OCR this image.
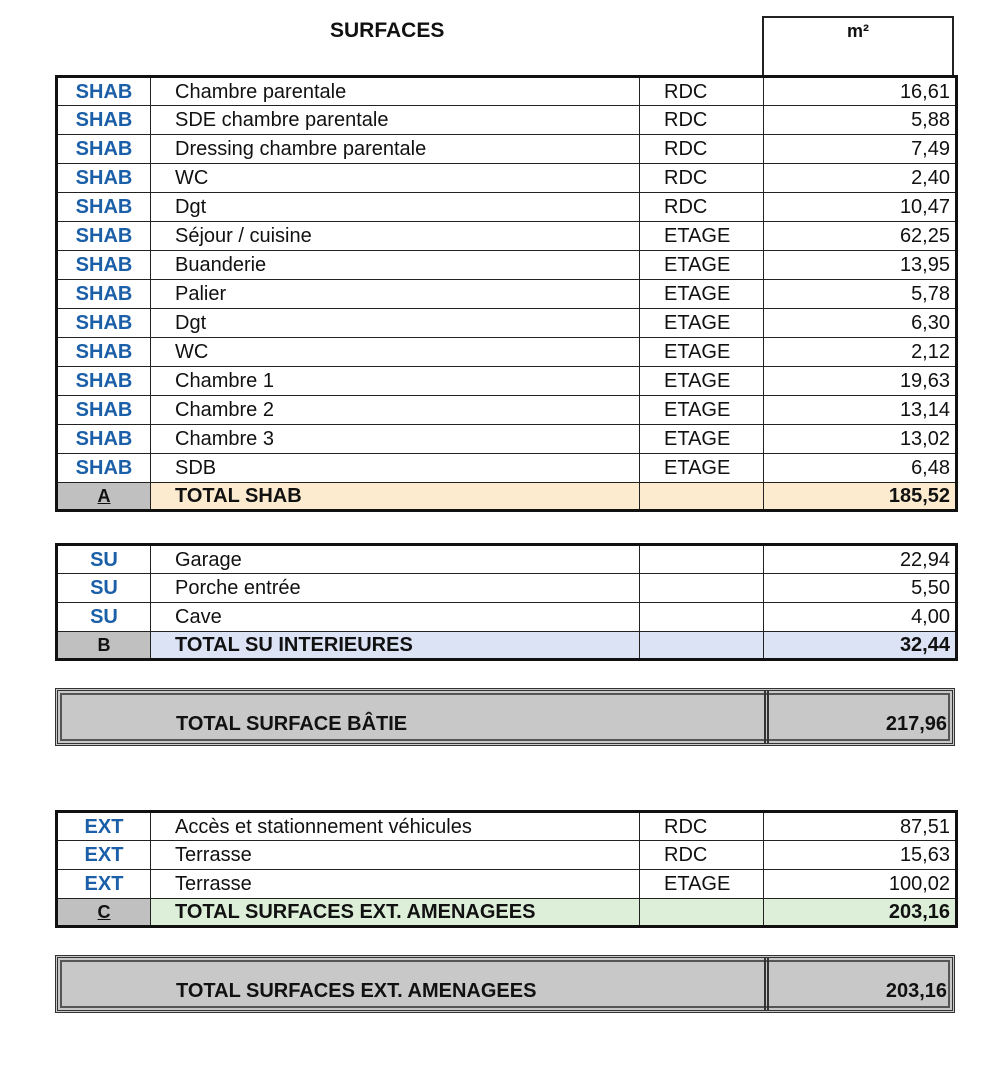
SURFACES	m²
SHAB	Chambre parentale	RDC	16,61
SHAB	SDE chambre parentale	RDC	5,88
SHAB	Dressing chambre parentale	RDC	7,49
SHAB	WC	RDC	2,40
SHAB	Dgt	RDC	10,47
SHAB	Séjour / cuisine	ETAGE	62,25
SHAB	Buanderie	ETAGE	13,95
SHAB	Palier	ETAGE	5,78
SHAB	Dgt	ETAGE	6,30
SHAB	WC	ETAGE	2,12
SHAB	Chambre 1	ETAGE	19,63
SHAB	Chambre 2	ETAGE	13,14
SHAB	Chambre 3	ETAGE	13,02
SHAB	SDB	ETAGE	6,48
A	TOTAL SHAB		185,52
SU	Garage		22,94
SU	Porche entrée		5,50
SU	Cave		4,00
B	TOTAL SU INTERIEURES		32,44
TOTAL SURFACE BÂTIE	217,96
EXT	Accès et stationnement véhicules	RDC	87,51
EXT	Terrasse	RDC	15,63
EXT	Terrasse	ETAGE	100,02
C	TOTAL SURFACES EXT. AMENAGEES		203,16
TOTAL SURFACES EXT. AMENAGEES	203,16
